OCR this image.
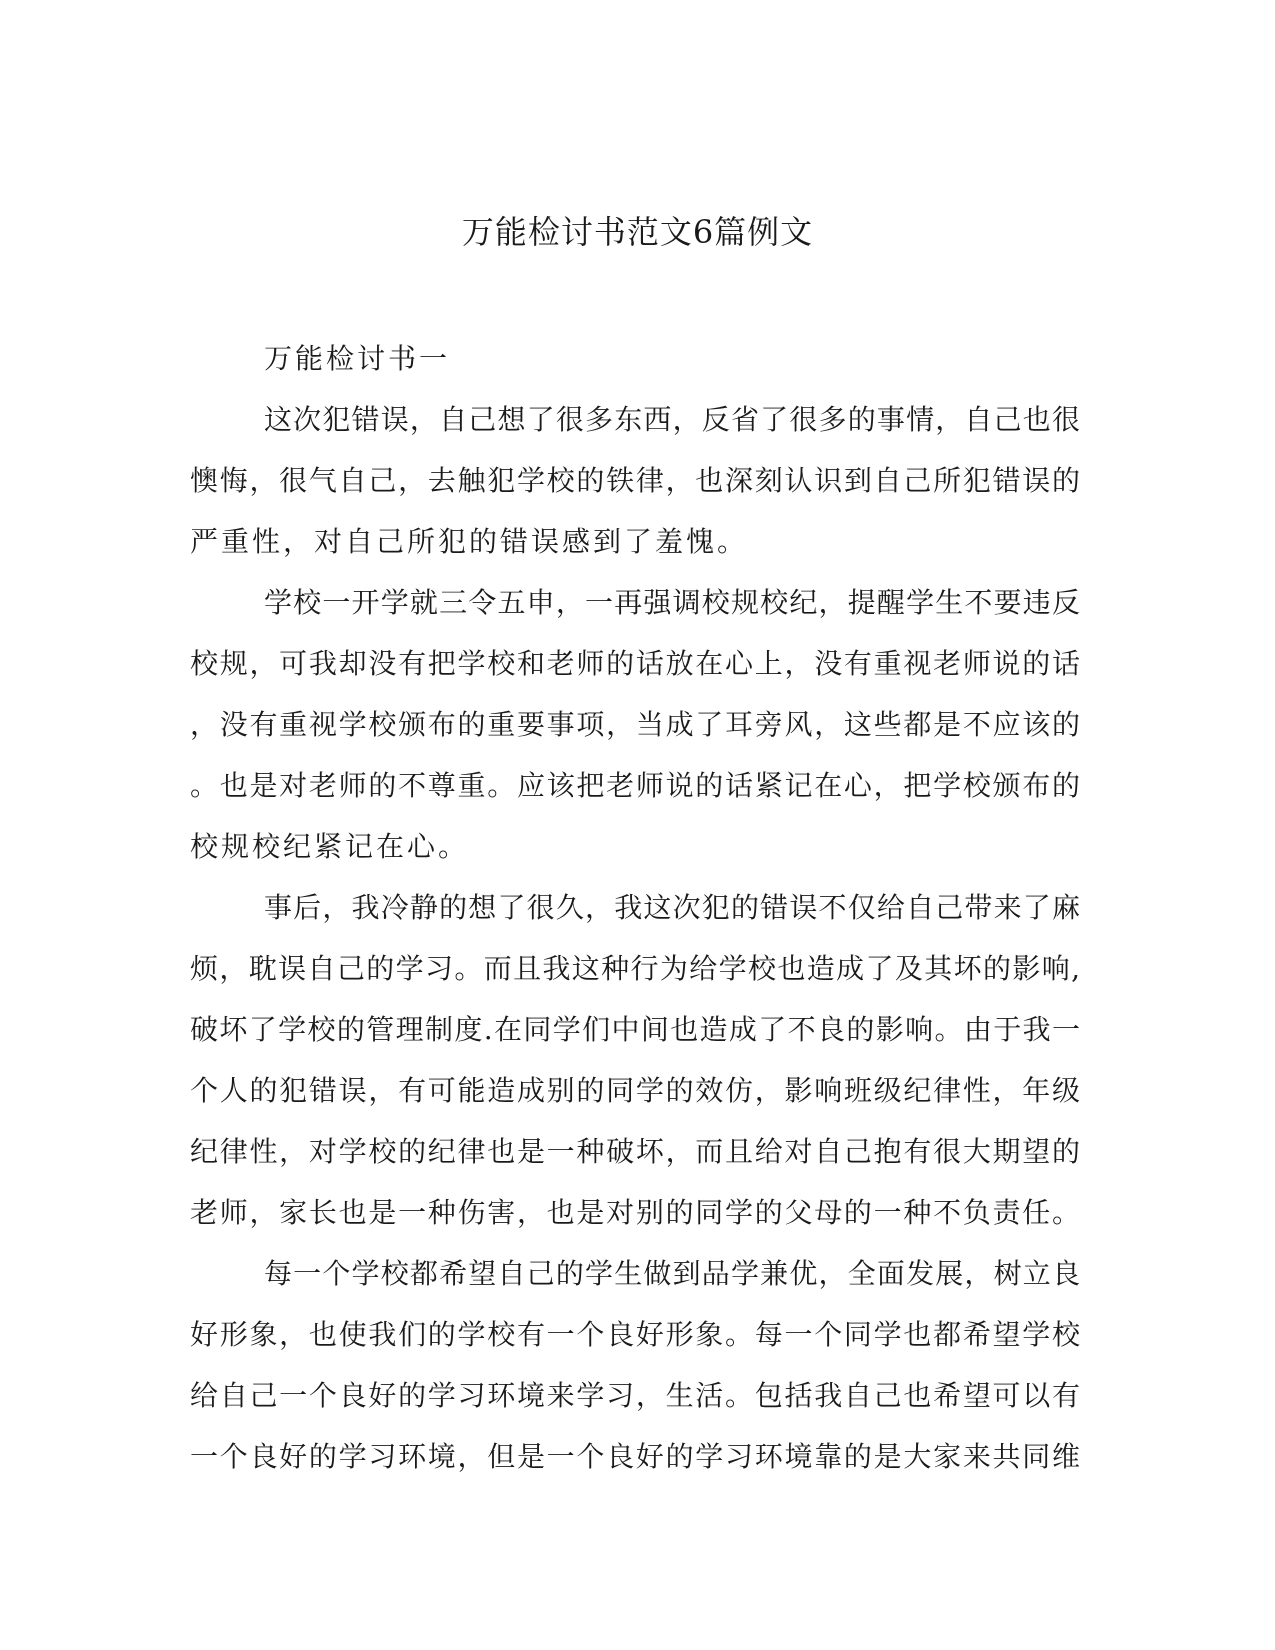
万能检讨书范文6篇例文
万能检讨书一
这次犯错误，自己想了很多东西，反省了很多的事情，自己也很
懊悔，很气自己，去触犯学校的铁律，也深刻认识到自己所犯错误的
严重性，对自己所犯的错误感到了羞愧。
学校一开学就三令五申，一再强调校规校纪，提醒学生不要违反
校规，可我却没有把学校和老师的话放在心上，没有重视老师说的话
，没有重视学校颁布的重要事项，当成了耳旁风，这些都是不应该的
。也是对老师的不尊重。应该把老师说的话紧记在心，把学校颁布的
校规校纪紧记在心。
事后，我冷静的想了很久，我这次犯的错误不仅给自己带来了麻
烦，耽误自己的学习。而且我这种行为给学校也造成了及其坏的影响,
破坏了学校的管理制度.在同学们中间也造成了不良的影响。由于我一
个人的犯错误，有可能造成别的同学的效仿，影响班级纪律性，年级
纪律性，对学校的纪律也是一种破坏，而且给对自己抱有很大期望的
老师，家长也是一种伤害，也是对别的同学的父母的一种不负责任。
每一个学校都希望自己的学生做到品学兼优，全面发展，树立良
好形象，也使我们的学校有一个良好形象。每一个同学也都希望学校
给自己一个良好的学习环境来学习，生活。包括我自己也希望可以有
一个良好的学习环境，但是一个良好的学习环境靠的是大家来共同维
